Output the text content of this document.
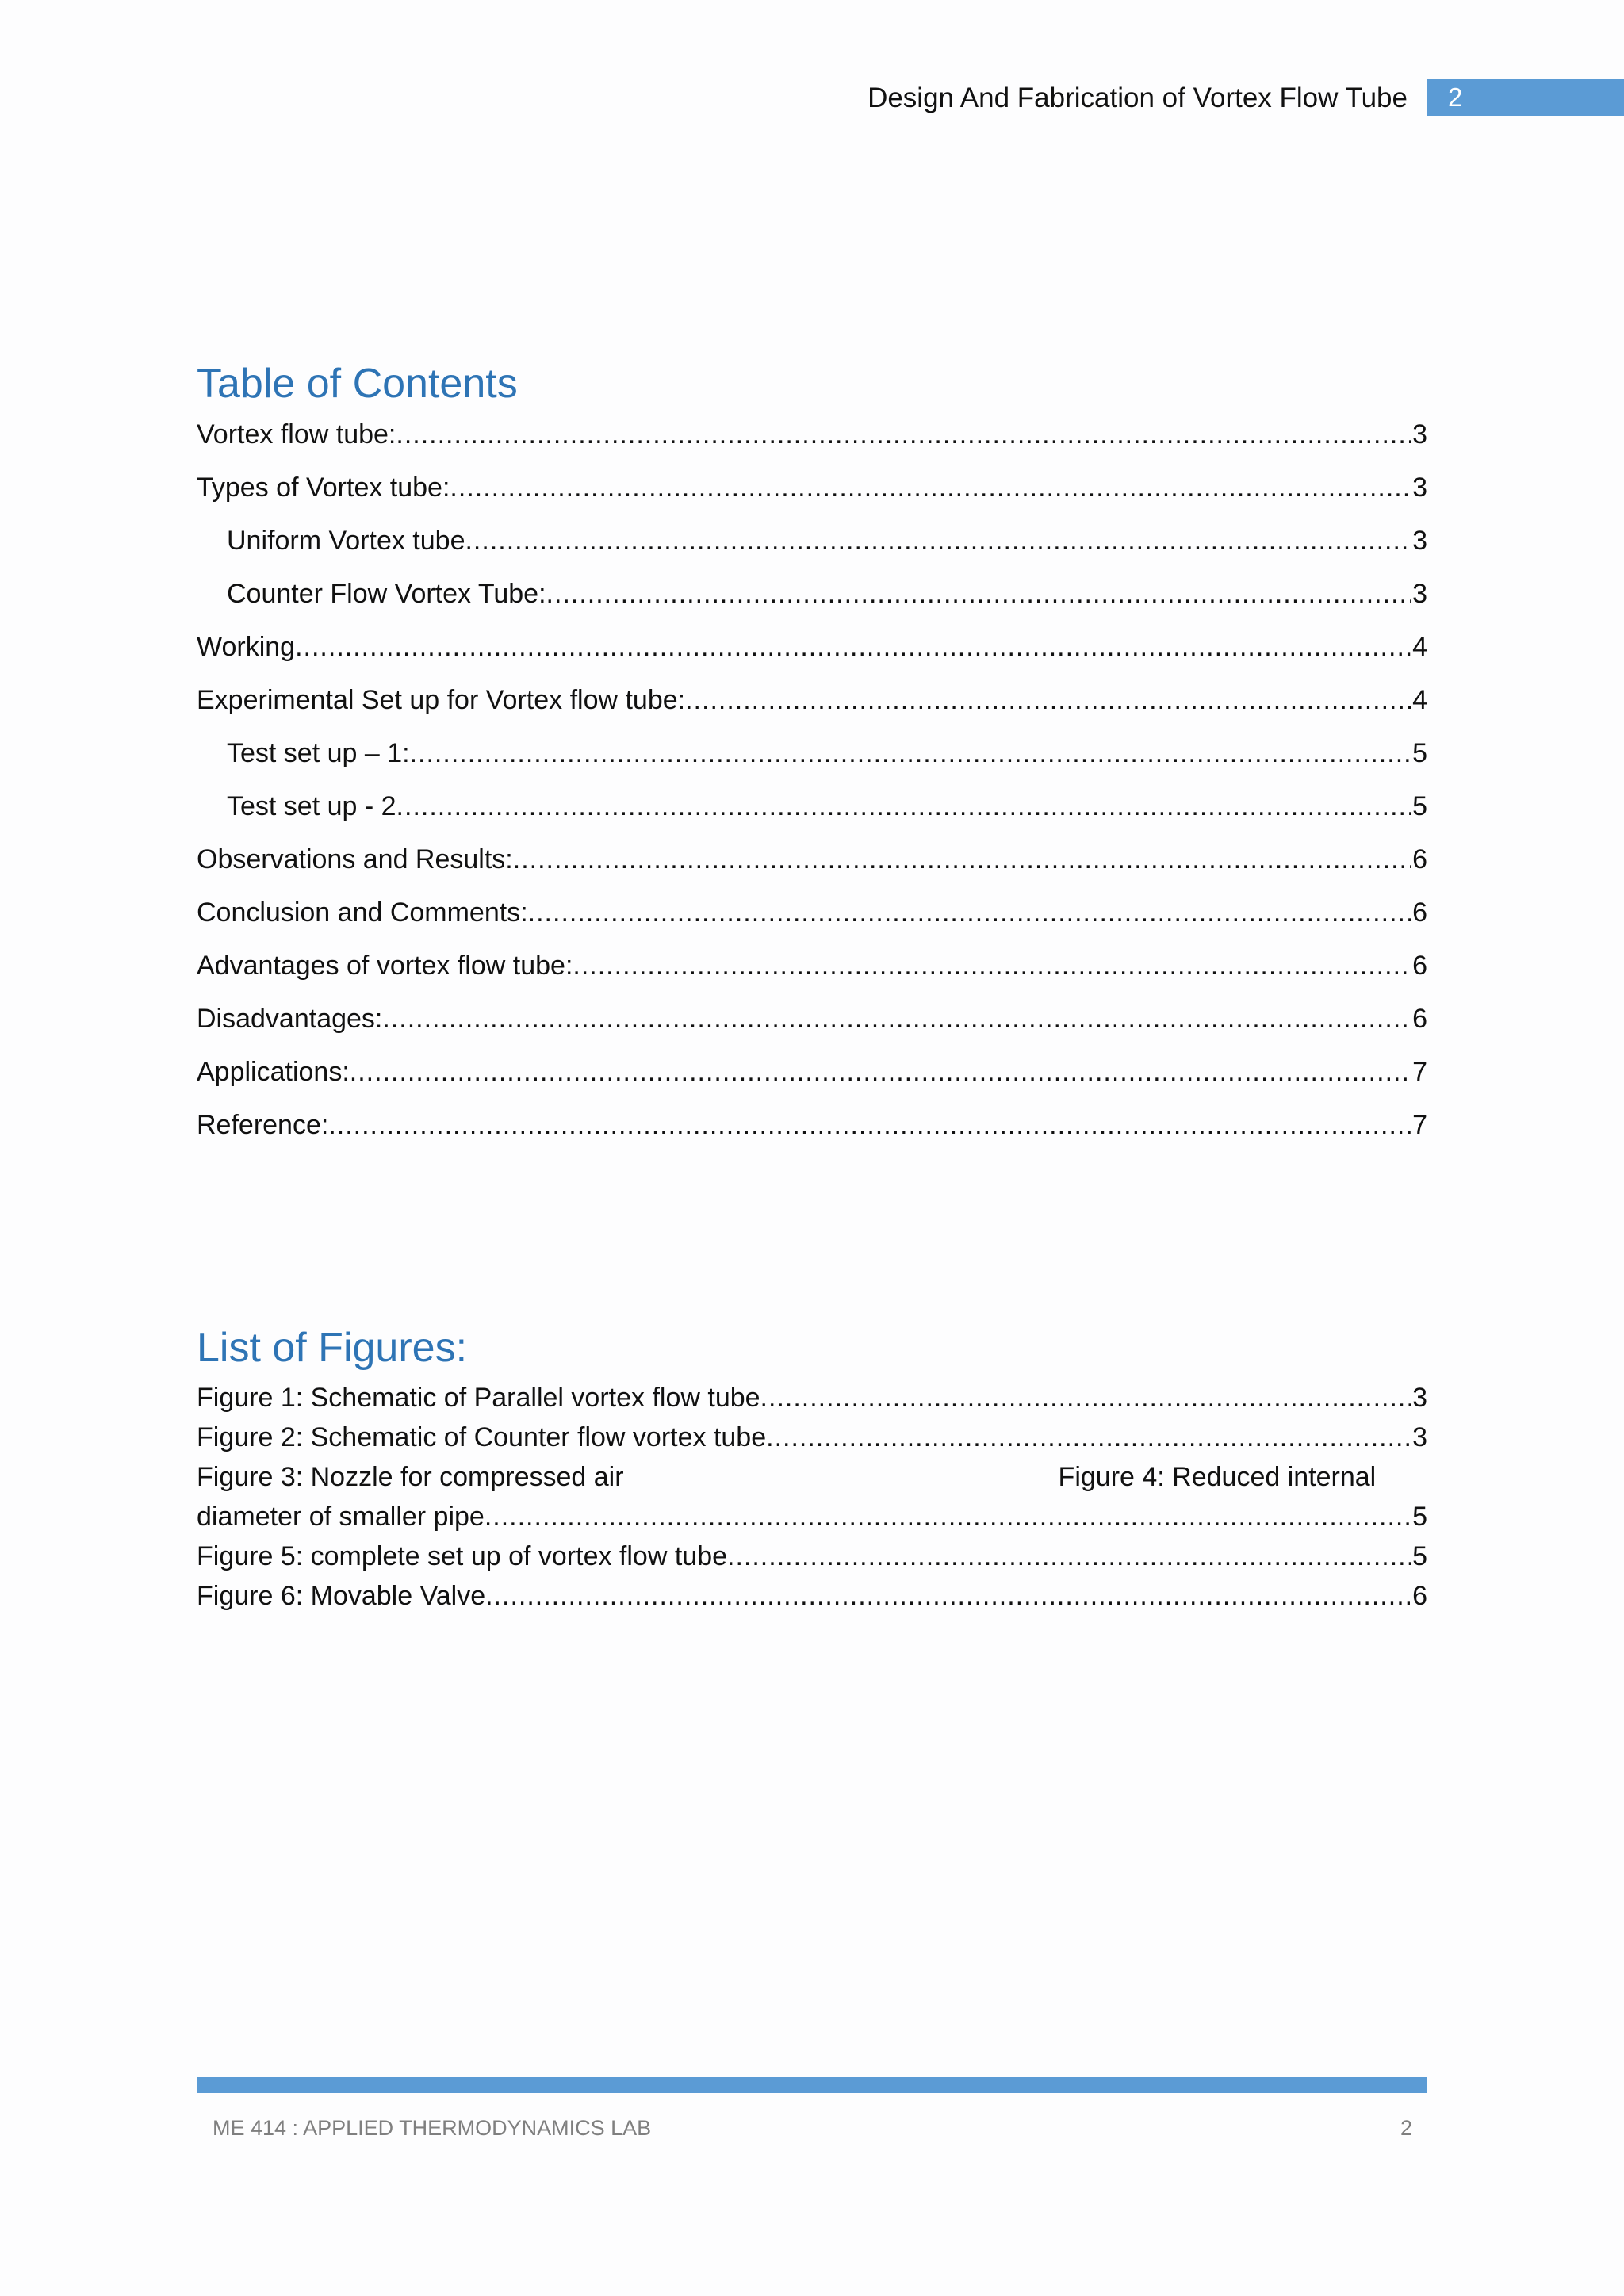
Design And Fabrication of Vortex Flow Tube	2
Table of Contents
Vortex flow tube: .....	3
Types of Vortex tube: .....	3
Uniform Vortex tube .....	3
Counter Flow Vortex Tube: .....	3
Working .....	4
Experimental Set up for Vortex flow tube: .....	4
Test set up – 1: .....	5
Test set up - 2 .....	5
Observations and Results: .....	6
Conclusion and Comments: .....	6
Advantages of vortex flow tube: .....	6
Disadvantages: .....	6
Applications: .....	7
Reference: .....	7
List of Figures:
Figure 1: Schematic of Parallel vortex flow tube .....	3
Figure 2: Schematic of Counter flow vortex tube .....	3
Figure 3: Nozzle for compressed air	Figure 4: Reduced internal
diameter of smaller pipe .....	5
Figure 5: complete set up of vortex flow tube .....	5
Figure 6: Movable Valve .....	6
ME 414 : APPLIED THERMODYNAMICS LAB	2
